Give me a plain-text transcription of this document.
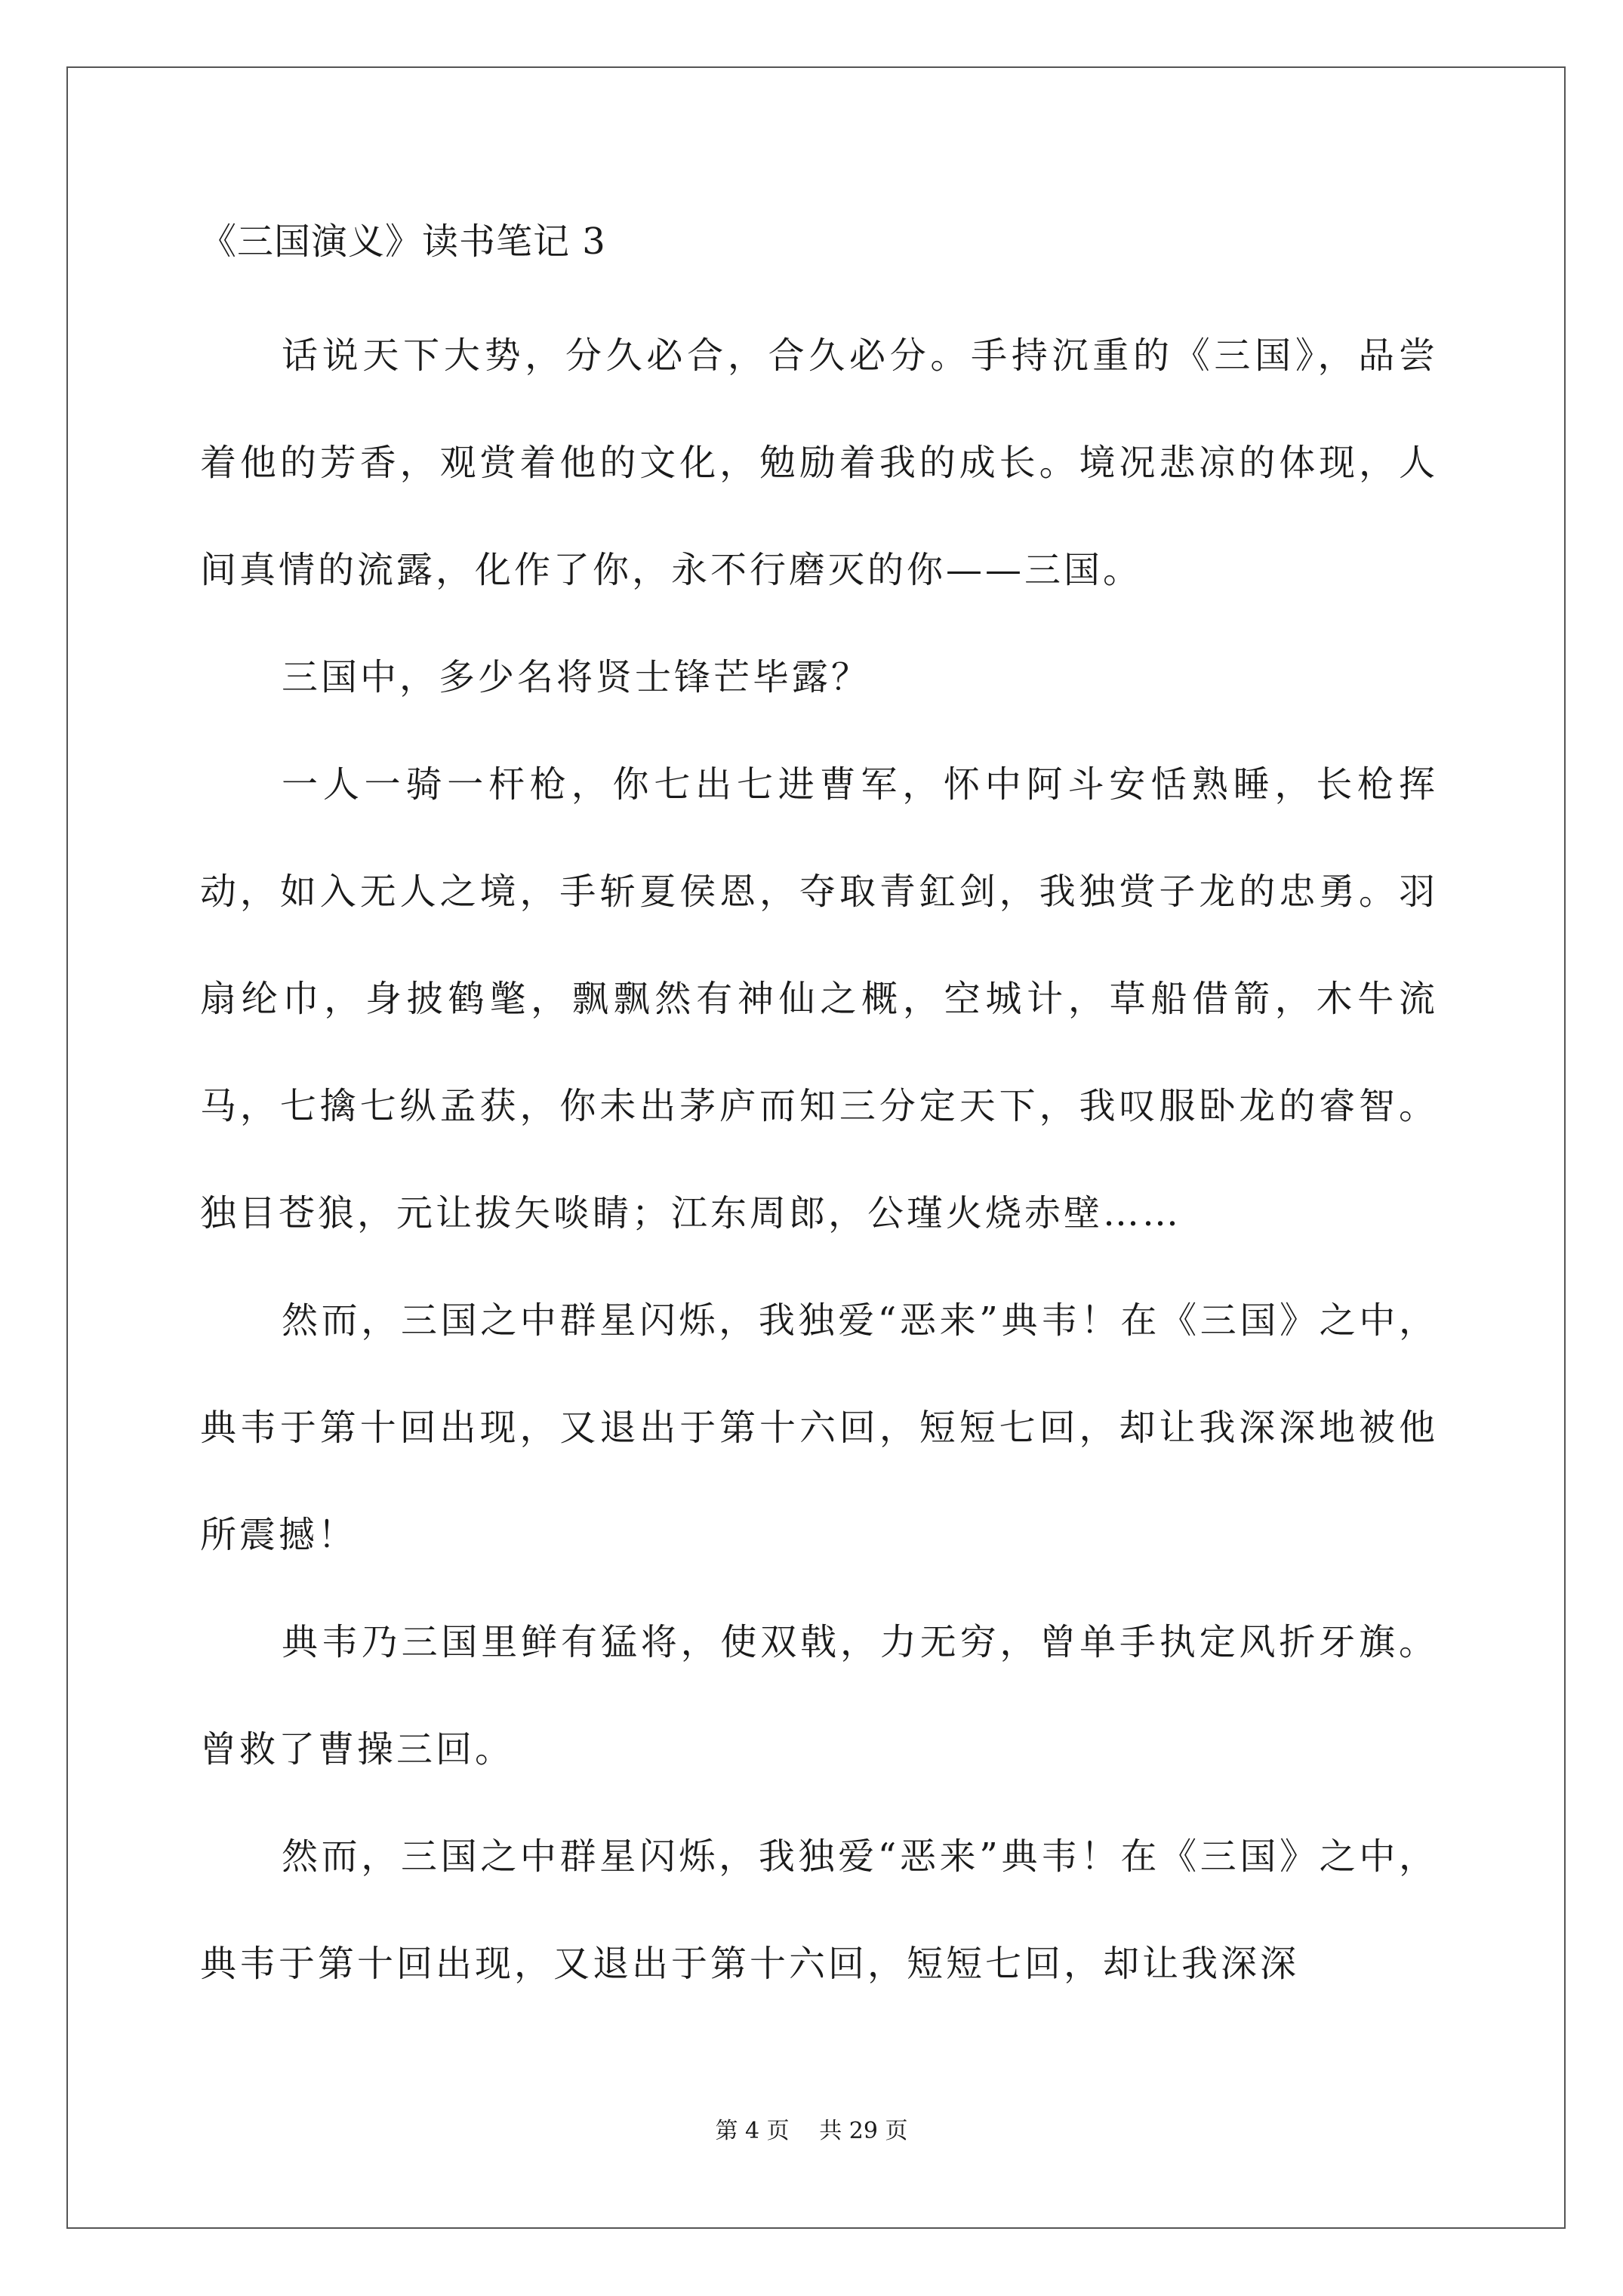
《三国演义》读书笔记 3

话说天下大势，分久必合，合久必分。手持沉重的《三国》，品尝着他的芳香，观赏着他的文化，勉励着我的成长。境况悲凉的体现，人间真情的流露，化作了你，永不行磨灭的你——三国。

三国中，多少名将贤士锋芒毕露？

一人一骑一杆枪，你七出七进曹军，怀中阿斗安恬熟睡，长枪挥动，如入无人之境，手斩夏侯恩，夺取青釭剑，我独赏子龙的忠勇。羽扇纶巾，身披鹤氅，飘飘然有神仙之概，空城计，草船借箭，木牛流马，七擒七纵孟获，你未出茅庐而知三分定天下，我叹服卧龙的睿智。独目苍狼，元让拔矢啖睛；江东周郎，公瑾火烧赤壁……

然而，三国之中群星闪烁，我独爱“恶来”典韦！在《三国》之中，典韦于第十回出现，又退出于第十六回，短短七回，却让我深深地被他所震撼！

典韦乃三国里鲜有猛将，使双戟，力无穷，曾单手执定风折牙旗。曾救了曹操三回。

然而，三国之中群星闪烁，我独爱“恶来”典韦！在《三国》之中，典韦于第十回出现，又退出于第十六回，短短七回，却让我深深

第 4 页　 共 29 页
